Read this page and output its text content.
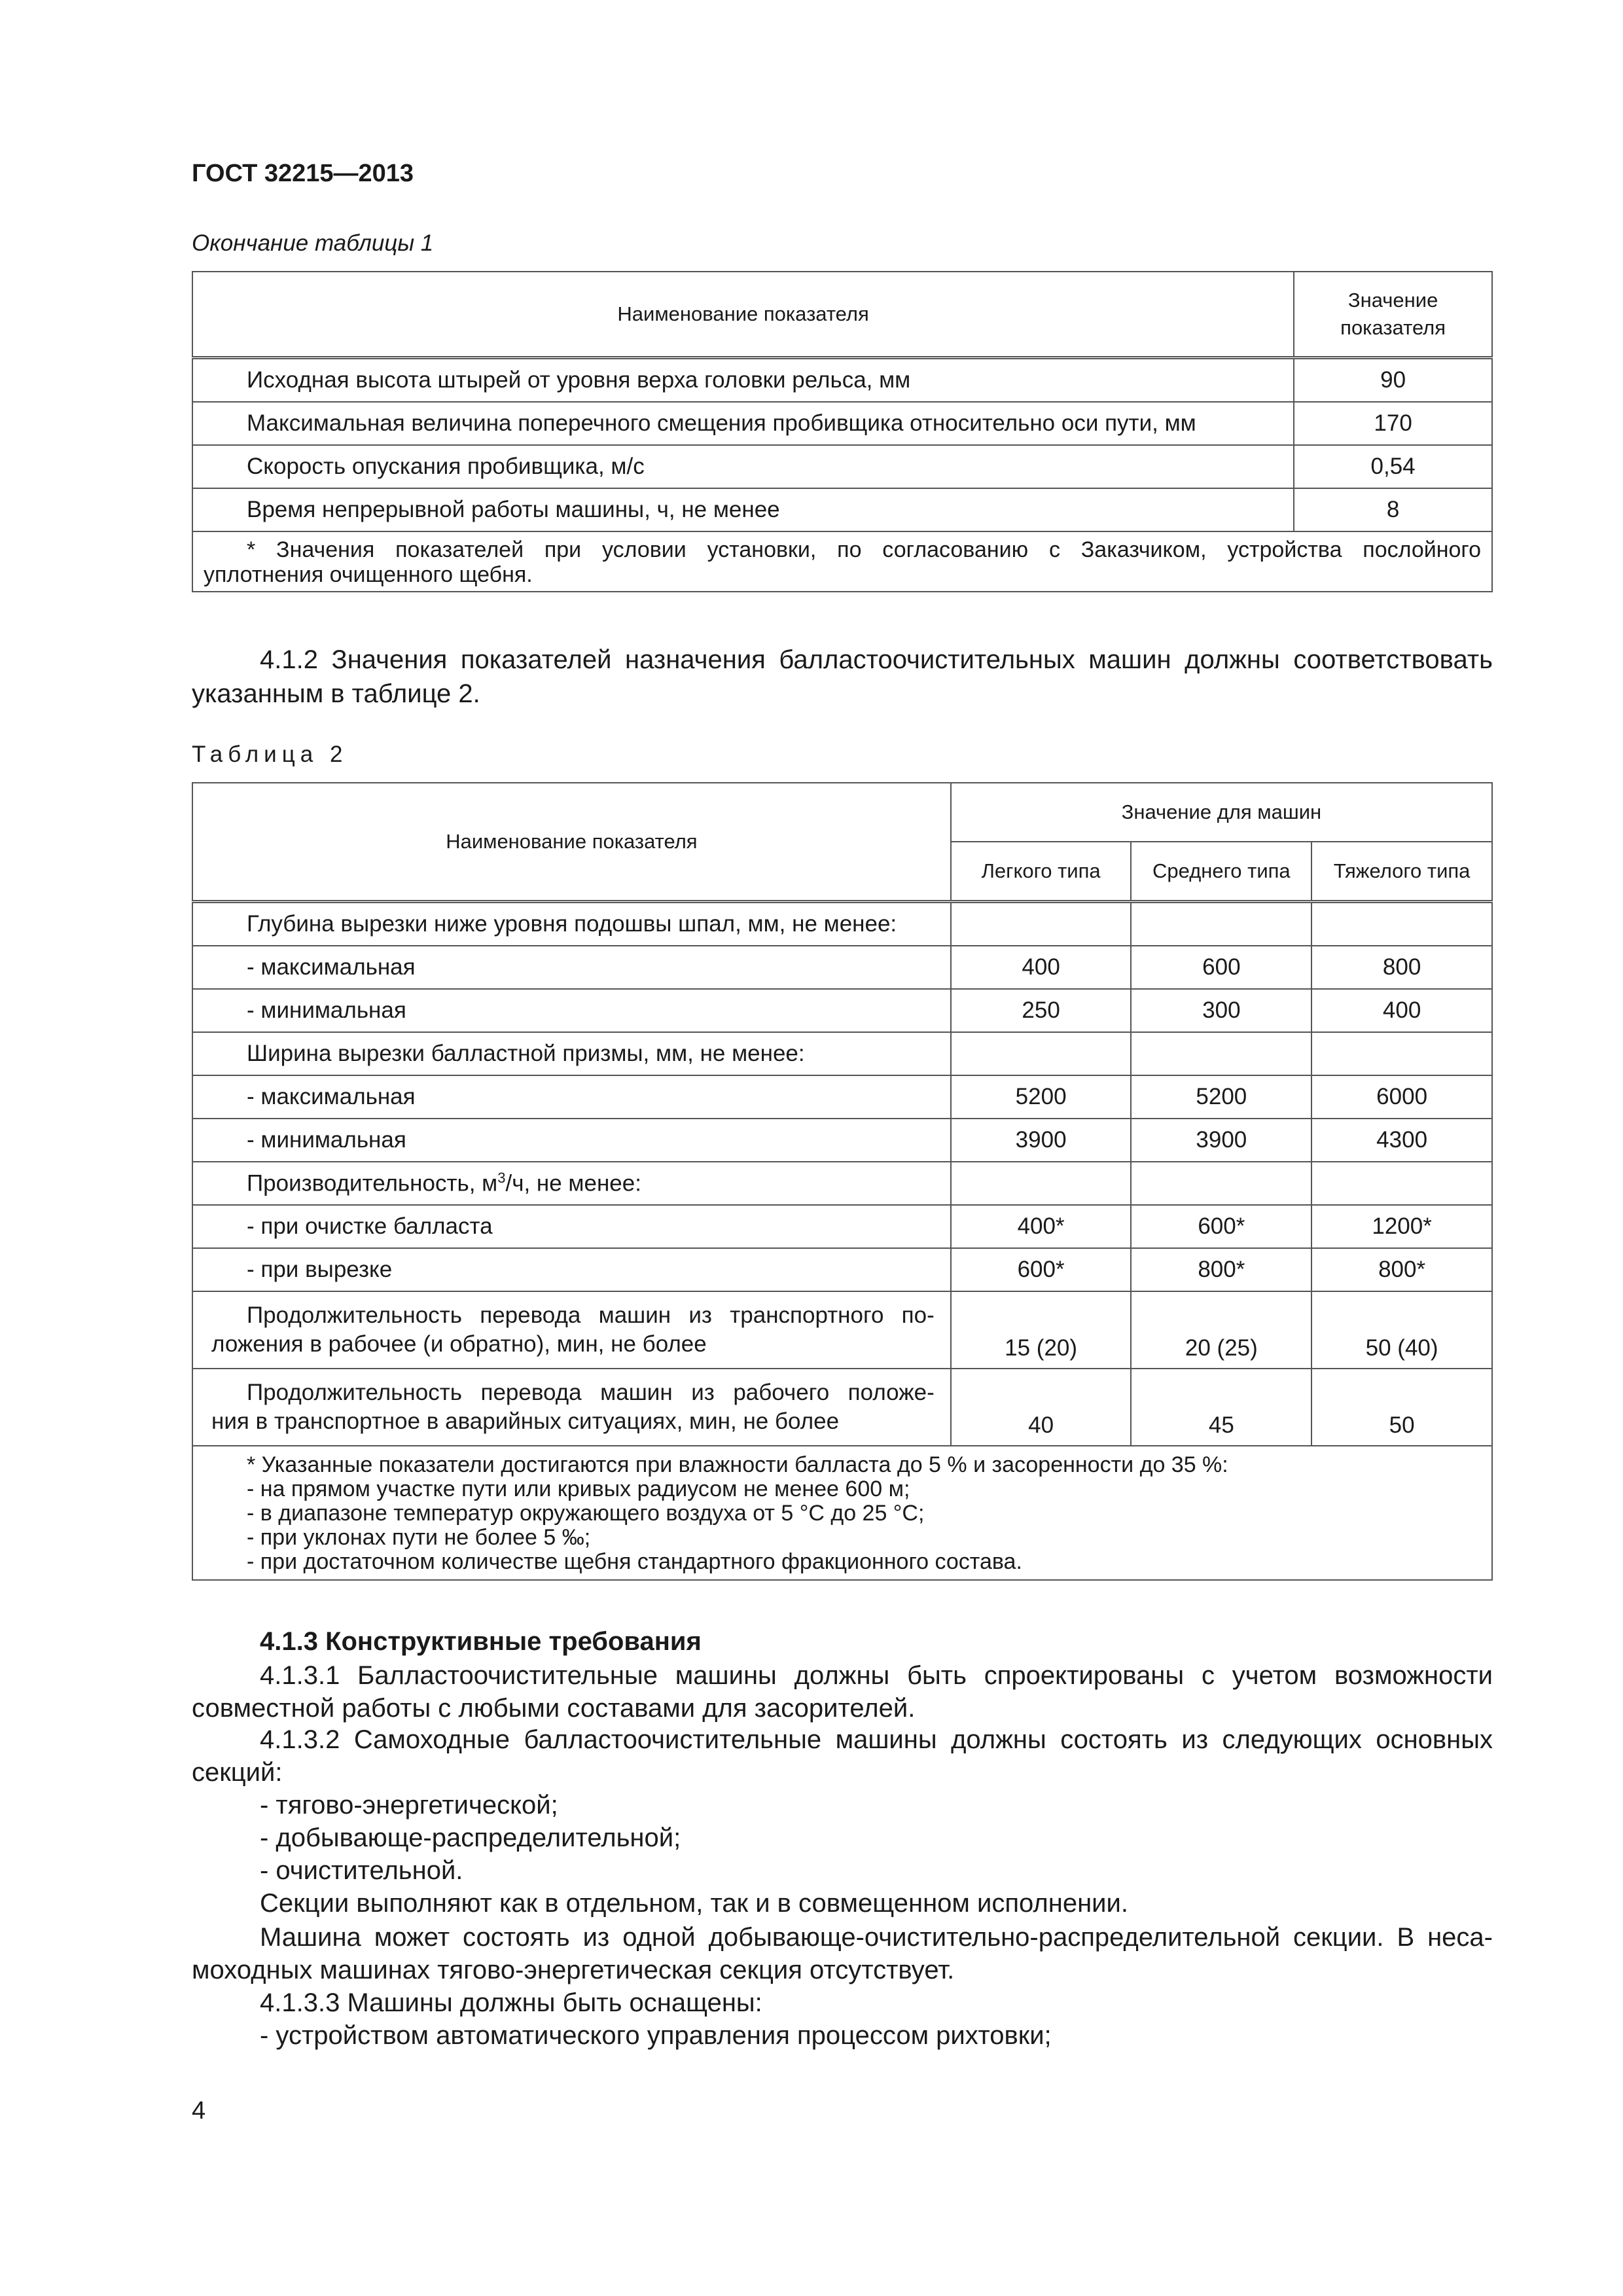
ГОСТ 32215—2013
Окончание таблицы 1
Наименование показателя	Значение
показателя
Исходная высота штырей от уровня верха головки рельса, мм	90
Максимальная величина поперечного смещения пробивщика относительно оси пути, мм	170
Скорость опускания пробивщика, м/с	0,54
Время непрерывной работы машины, ч, не менее	8

* Значения показателей при условии установки, по согласованию с Заказчиком, устройства послойного
уплотнения очищенного щебня.	
4.1.2 Значения показателей назначения балластоочистительных машин должны соответствовать
указанным в таблице 2.
Таблица 2
Наименование показателя	Значение для машин		
	Легкого типа	Среднего типа	Тяжелого типа
Глубина вырезки ниже уровня подошвы шпал, мм, не менее:			
- максимальная	400	600	800
- минимальная	250	300	400
Ширина вырезки балластной призмы, мм, не менее:			
- максимальная	5200	5200	6000
- минимальная	3900	3900	4300
Производительность, $м^3/ч$, не менее:			
- при очистке балласта	400*	600*	1200*
- при вырезке	600*	800*	800*

Продолжительность перевода машин из транспортного по-
ложения в рабочее (и обратно), мин, не более	15 (20)	20 (25)	50 (40)

Продолжительность перевода машин из рабочего положе-
ния в транспортное в аварийных ситуациях, мин, не более	40	45	50

* Указанные показатели достигаются при влажности балласта до 5 % и засоренности до 35 %:
- на прямом участке пути или кривых радиусом не менее 600 м;
- в диапазоне температур окружающего воздуха от 5 °С до 25 °С;
- при уклонах пути не более 5 ‰;
- при достаточном количестве щебня стандартного фракционного состава.			
4.1.3 Конструктивные требования
4.1.3.1 Балластоочистительные машины должны быть спроектированы с учетом возможности
совместной работы с любыми составами для засорителей.
4.1.3.2 Самоходные балластоочистительные машины должны состоять из следующих основных
секций:
- тягово-энергетической;
- добывающе-распределительной;
- очистительной.
Секции выполняют как в отдельном, так и в совмещенном исполнении.
Машина может состоять из одной добывающе-очистительно-распределительной секции. В неса-
моходных машинах тягово-энергетическая секция отсутствует.
4.1.3.3 Машины должны быть оснащены:
- устройством автоматического управления процессом рихтовки;
4
